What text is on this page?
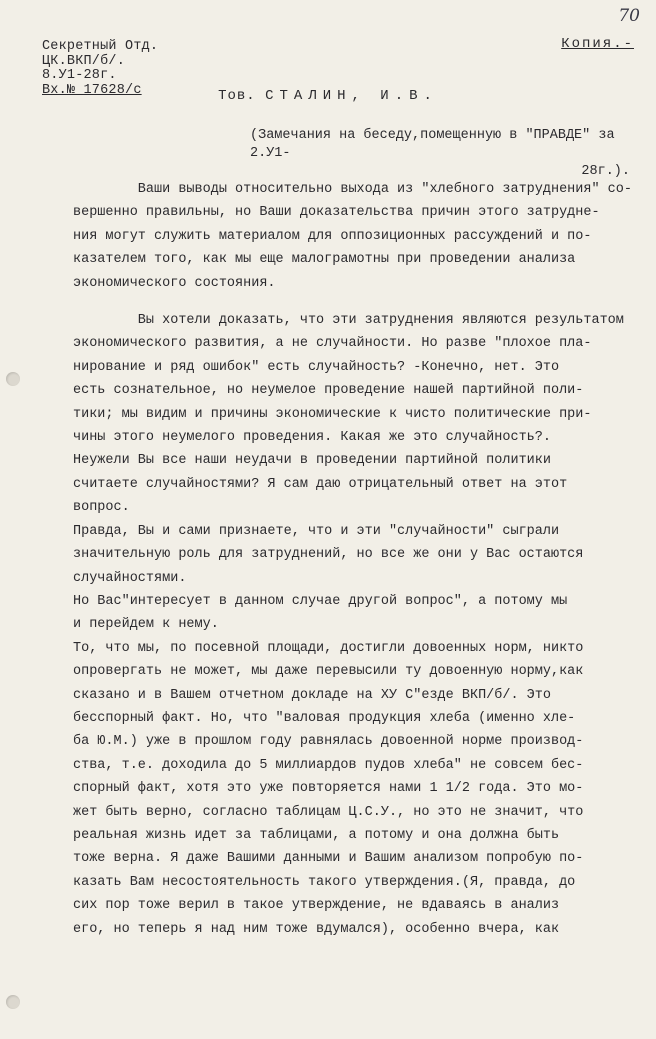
70
Секретный Отд.
ЦК.ВКП/б/.
8.У1-28г.
Вх.№ 17628/с
Копия.-
Тов. СТАЛИН, И.В.
(Замечания на беседу,помещенную в "ПРАВДЕ" за 2.У1-
28г.).
Ваши выводы относительно выхода из "хлебного затруднения" со-
вершенно правильны, но Ваши доказательства причин этого затрудне-
ния могут служить материалом для оппозиционных рассуждений и по-
казателем того, как мы еще малограмотны при проведении анализа
экономического состояния.
Вы хотели доказать, что эти затруднения являются результатом
экономического развития, а не случайности. Но разве "плохое пла-
нирование и ряд ошибок" есть случайность? -Конечно, нет. Это
есть сознательное, но неумелое проведение нашей партийной поли-
тики; мы видим и причины экономические к чисто политические при-
чины этого неумелого проведения. Какая же это случайность?.
Неужели Вы все наши неудачи в проведении партийной политики
считаете случайностями? Я сам даю отрицательный ответ на этот
вопрос.
Правда, Вы и сами признаете, что и эти "случайности" сыграли
значительную роль для затруднений, но все же они у Вас остаются
случайностями.
Но Вас"интересует в данном случае другой вопрос", а потому мы
и перейдем к нему.
То, что мы, по посевной площади, достигли довоенных норм, никто
опровергать не может, мы даже перевысили ту довоенную норму,как
сказано и в Вашем отчетном докладе на ХУ С"езде ВКП/б/. Это
бесспорный факт. Но, что "валовая продукция хлеба (именно хле-
ба Ю.М.) уже в прошлом году равнялась довоенной норме производ-
ства, т.е. доходила до 5 миллиардов пудов хлеба" не совсем бес-
спорный факт, хотя это уже повторяется нами 1 1/2 года. Это мо-
жет быть верно, согласно таблицам Ц.С.У., но это не значит, что
реальная жизнь идет за таблицами, а потому и она должна быть
тоже верна. Я даже Вашими данными и Вашим анализом попробую по-
казать Вам несостоятельность такого утверждения.(Я, правда, до
сих пор тоже верил в такое утверждение, не вдаваясь в анализ
его, но теперь я над ним тоже вдумался), особенно вчера, как
